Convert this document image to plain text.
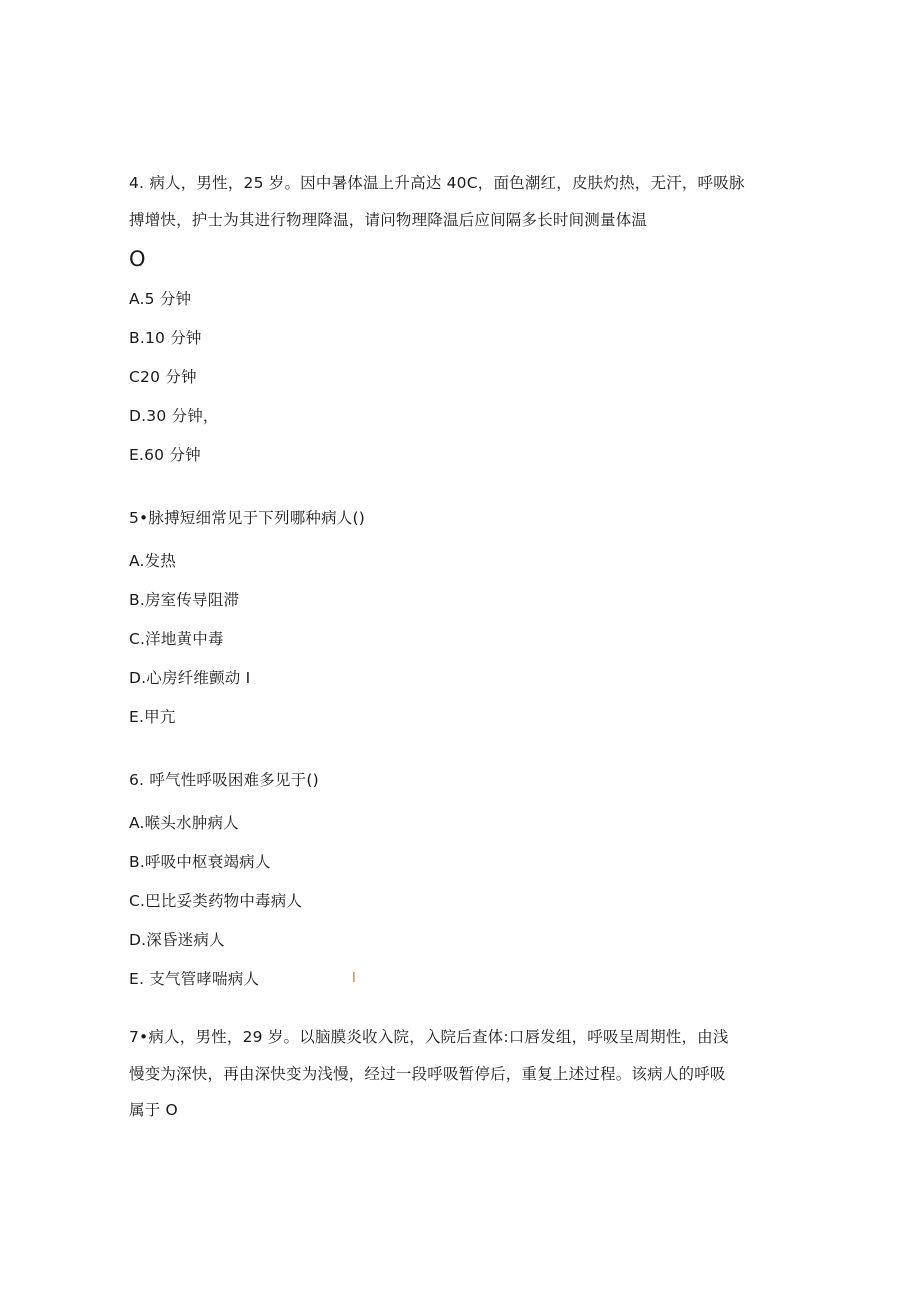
4. 病人，男性，25 岁。因中暑体温上升高达 40C，面色潮红，皮肤灼热，无汗，呼吸脉
搏增快，护士为其进行物理降温，请问物理降温后应间隔多长时间测量体温
O
A.5 分钟
B.10 分钟
C20 分钟
D.30 分钟，
E.60 分钟
5•脉搏短细常见于下列哪种病人()
A.发热
B.房室传导阻滞
C.洋地黄中毒
D.心房纤维颤动 I
E.甲亢
6. 呼气性呼吸困难多见于()
A.喉头水肿病人
B.呼吸中枢衰竭病人
C.巴比妥类药物中毒病人
D.深昏迷病人
E. 支气管哮喘病人	I
7•病人，男性，29 岁。以脑膜炎收入院，入院后查体:口唇发组，呼吸呈周期性，由浅
慢变为深快，再由深快变为浅慢，经过一段呼吸暂停后，重复上述过程。该病人的呼吸
属于 O
